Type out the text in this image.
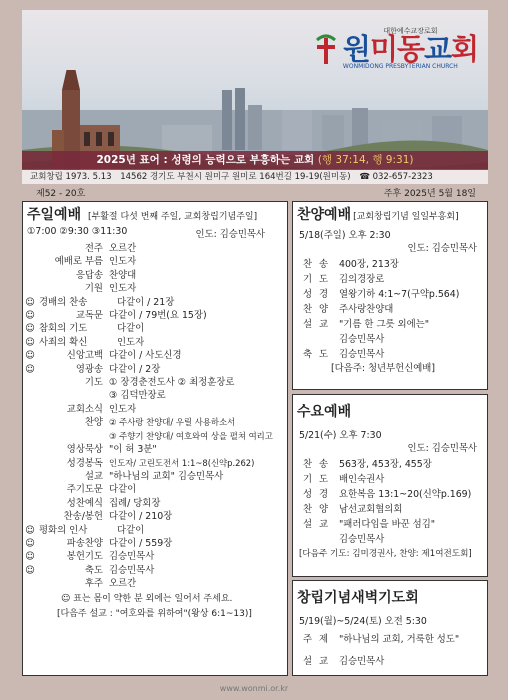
대한예수교장로회
원미동교회
WONMIDONG PRESBYTERIAN CHURCH
2025년 표어 : 성령의 능력으로 부흥하는 교회 (행 37:14, 행 9:31)
교회창립 1973. 5.13 14562 경기도 부천시 원미구 원미로 164번길 19-19(원미동) ☎ 032-657-2323
제52 - 20호	주후 2025년 5월 18일
주일예배 [부활절 다섯 번째 주일, 교회창립기념주일]
①7:00 ②9:30 ③11:30	인도: 김승민목사
전주 오르간
예배로 부름 인도자
응답송 찬양대
기원 인도자
☺ 경배의 찬송	다같이 / 21장
☺	교독문 다같이 / 79번(요 15장)
☺ 참회의 기도	다같이
☺ 사죄의 확신	인도자
☺	신앙고백 다같이 / 사도신경
☺	영광송 다같이 / 2장
기도 ① 장경춘전도사 ② 최정훈장로
③ 김덕만장로
교회소식 인도자
찬양 ② 주사랑 찬양대/ 우릴 사용하소서
③ 주향기 찬양대/ 여호와여 상을 펼쳐 여리고
영상묵상 "이 허 3분"
성경봉독 인도자/ 고린도전서 1:1~8(신약p.262)
설교 "하나님의 교회" 김승민목사
주기도문 다같이
성찬예식 집례/ 당회장
찬송/봉헌 다같이 / 210장
☺ 평화의 인사	다같이
☺	파송찬양 다같이 / 559장
☺	봉헌기도 김승민목사
☺	축도 김승민목사
후주 오르간
☺ 표는 몸이 약한 분 외에는 일어서 주세요.
[다음주 설교 : "여호와를 위하여"(왕상 6:1~13)]
찬양예배 [교회창립기념 일일부흥회]
5/18(주일) 오후 2:30
인도: 김승민목사
찬 송 400장, 213장
기 도 김의경장로
성 경 열왕기하 4:1~7(구약p.564)
찬 양 주사랑찬양대
설 교 "기름 한 그릇 외에는"
김승민목사
축 도 김승민목사
[다음주: 청년부헌신예배]
수요예배
5/21(수) 오후 7:30
인도: 김승민목사
찬 송 563장, 453장, 455장
기 도 배인숙권사
성 경 요한복음 13:1~20(신약p.169)
찬 양 남선교회협의회
설 교 "패러다임을 바꾼 섬김"
김승민목사
[다음주 기도: 김미경권사, 찬양: 제1여전도회]
창립기념새벽기도회
5/19(월)~5/24(토) 오전 5:30
주 제 "하나님의 교회, 거룩한 성도"
설 교 김승민목사
www.wonmi.or.kr
